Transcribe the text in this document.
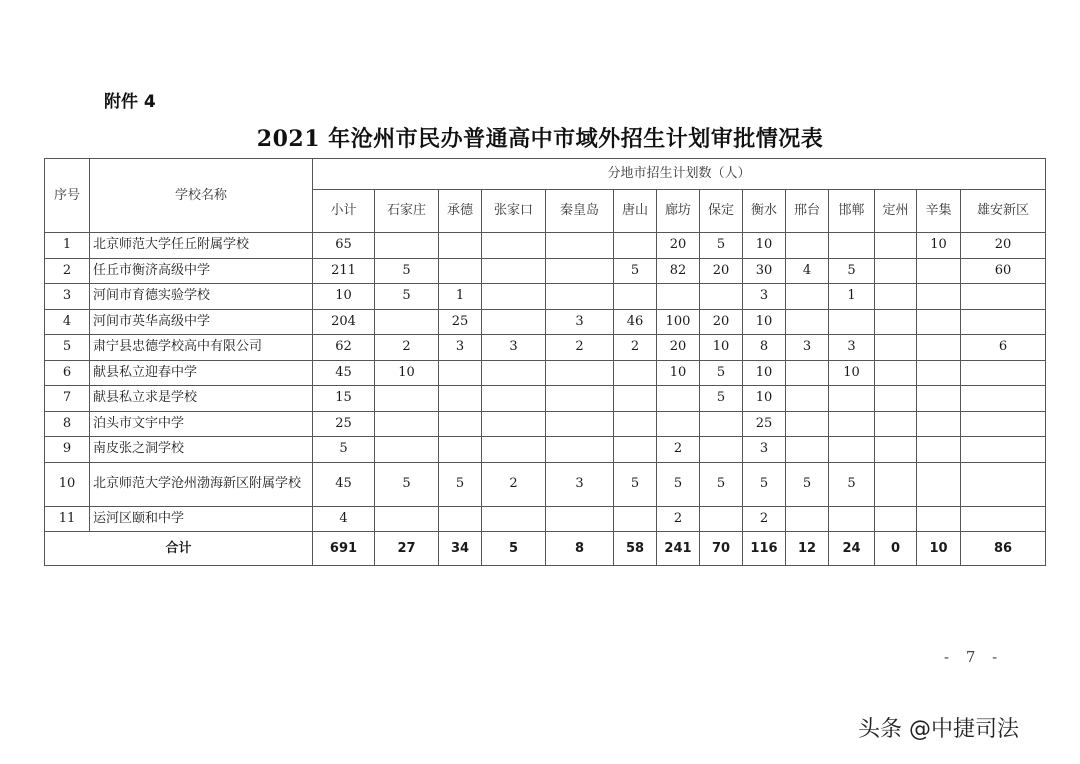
附件 4
2021 年沧州市民办普通高中市域外招生计划审批情况表
序号	学校名称	分地市招生计划数（人）													
		小计	石家庄	承德	张家口	秦皇岛	唐山	廊坊	保定	衡水	邢台	邯郸	定州	辛集	雄安新区
1	北京师范大学任丘附属学校	65						20	5	10				10	20
2	任丘市衡济高级中学	211	5				5	82	20	30	4	5			60
3	河间市育德实验学校	10	5	1						3		1			
4	河间市英华高级中学	204		25		3	46	100	20	10					
5	肃宁县忠德学校高中有限公司	62	2	3	3	2	2	20	10	8	3	3			6
6	献县私立迎春中学	45	10					10	5	10		10			
7	献县私立求是学校	15							5	10					
8	泊头市文宇中学	25								25					
9	南皮张之洞学校	5						2		3					
10	北京师范大学沧州渤海新区附属学校	45	5	5	2	3	5	5	5	5	5	5			
11	运河区颐和中学	4						2		2					
合计		691	27	34	5	8	58	241	70	116	12	24	0	10	86
- 7 -
头条 @中捷司法
